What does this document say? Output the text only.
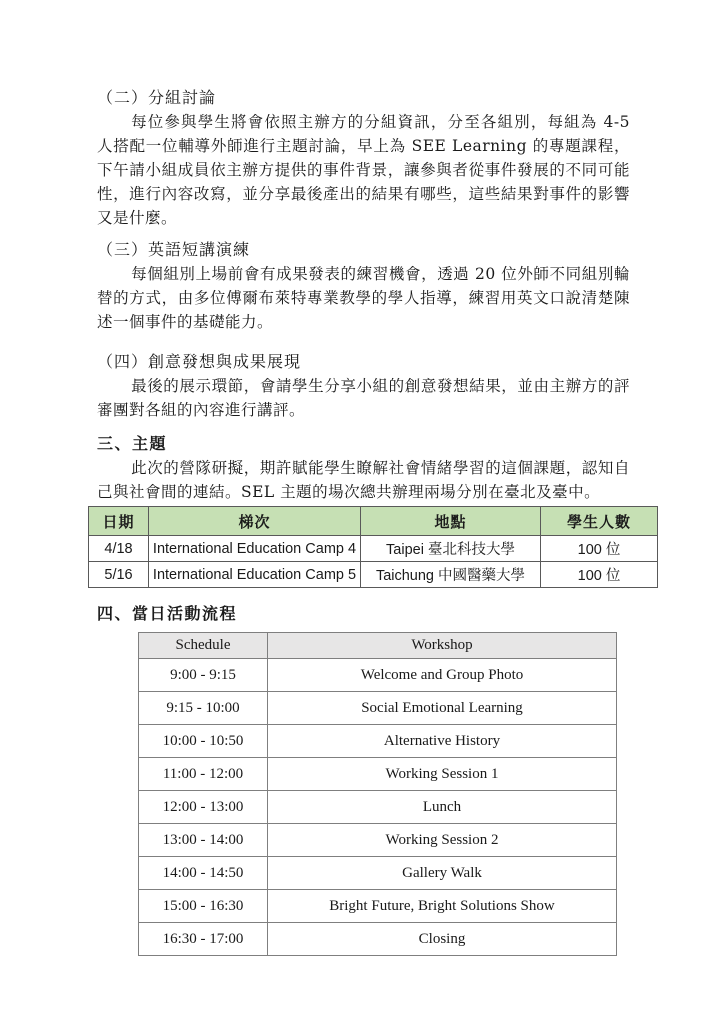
（二）分組討論

每位參與學生將會依照主辦方的分組資訊，分至各組別，每組為 4-5 人搭配一位輔導外師進行主題討論，早上為 SEE Learning 的專題課程，下午請小組成員依主辦方提供的事件背景，讓參與者從事件發展的不同可能性，進行內容改寫，並分享最後產出的結果有哪些，這些結果對事件的影響又是什麼。

（三）英語短講演練

每個組別上場前會有成果發表的練習機會，透過 20 位外師不同組別輪替的方式，由多位傅爾布萊特專業教學的學人指導，練習用英文口說清楚陳述一個事件的基礎能力。

（四）創意發想與成果展現

最後的展示環節，會請學生分享小組的創意發想結果，並由主辦方的評審團對各組的內容進行講評。

三、主題

此次的營隊研擬，期許賦能學生瞭解社會情緒學習的這個課題，認知自己與社會間的連結。SEL 主題的場次總共辦理兩場分別在臺北及臺中。

日期	梯次	地點	學生人數
4/18	International Education Camp 4	Taipei 臺北科技大學	100 位
5/16	International Education Camp 5	Taichung 中國醫藥大學	100 位
四、當日活動流程
Schedule	Workshop
9:00 - 9:15	Welcome and Group Photo
9:15 - 10:00	Social Emotional Learning
10:00 - 10:50	Alternative History
11:00 - 12:00	Working Session 1
12:00 - 13:00	Lunch
13:00 - 14:00	Working Session 2
14:00 - 14:50	Gallery Walk
15:00 - 16:30	Bright Future, Bright Solutions Show
16:30 - 17:00	Closing
